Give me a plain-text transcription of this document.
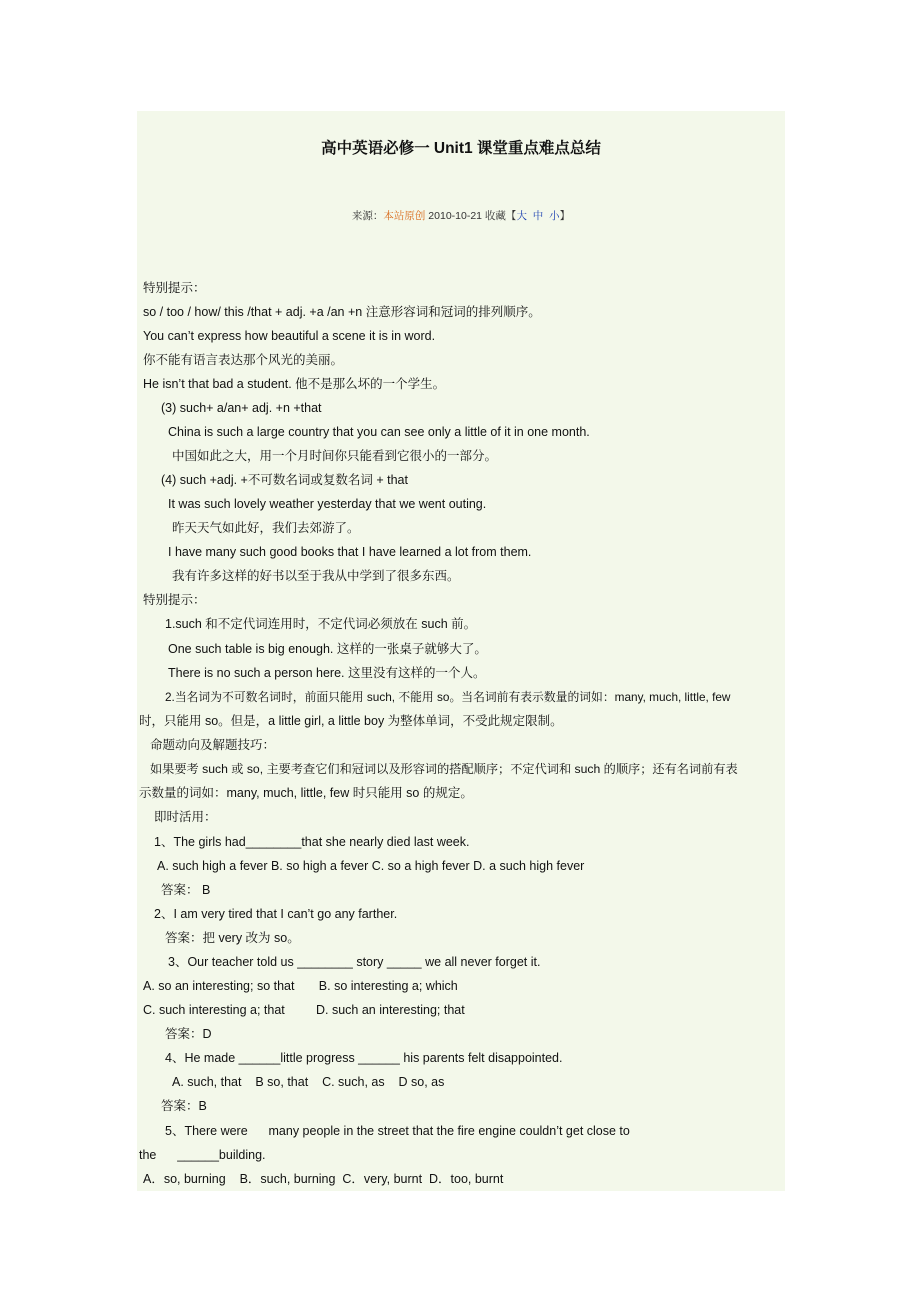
高中英语必修一 Unit1 课堂重点难点总结
来源：本站原创 2010-10-21 收藏【大 中 小】
特别提示：
so / too / how/ this /that + adj. +a /an +n 注意形容词和冠词的排列顺序。
You can’t express how beautiful a scene it is in word.
你不能有语言表达那个风光的美丽。
He isn’t that bad a student. 他不是那么坏的一个学生。
(3) such+ a/an+ adj. +n +that
China is such a large country that you can see only a little of it in one month.
中国如此之大，用一个月时间你只能看到它很小的一部分。
(4) such +adj. +不可数名词或复数名词 + that
It was such lovely weather yesterday that we went outing.
昨天天气如此好，我们去郊游了。
I have many such good books that I have learned a lot from them.
我有许多这样的好书以至于我从中学到了很多东西。
特别提示：
1.such 和不定代词连用时，不定代词必须放在 such 前。
One such table is big enough. 这样的一张桌子就够大了。
There is no such a person here. 这里没有这样的一个人。
2.当名词为不可数名词时，前面只能用 such, 不能用 so。当名词前有表示数量的词如：many, much, little, few
时，只能用 so。但是，a little girl, a little boy 为整体单词，不受此规定限制。
命题动向及解题技巧：
如果要考 such 或 so, 主要考查它们和冠词以及形容词的搭配顺序；不定代词和 such 的顺序；还有名词前有表
示数量的词如：many, much, little, few 时只能用 so 的规定。
即时活用：
1、The girls had________that she nearly died last week.
A. such high a fever B. so high a fever C. so a high fever D. a such high fever
答案： B
2、I am very tired that I can’t go any farther.
答案：把 very 改为 so。
3、Our teacher told us ________ story _____ we all never forget it.
A. so an interesting; so that       B. so interesting a; which
C. such interesting a; that         D. such an interesting; that
答案：D
4、He made ______little progress ______ his parents felt disappointed.
A. such, that    B so, that    C. such, as    D so, as
答案：B
5、There were      many people in the street that the fire engine couldn’t get close to
the      ______building.
A．so, burning    B．such, burning  C．very, burnt  D．too, burnt
